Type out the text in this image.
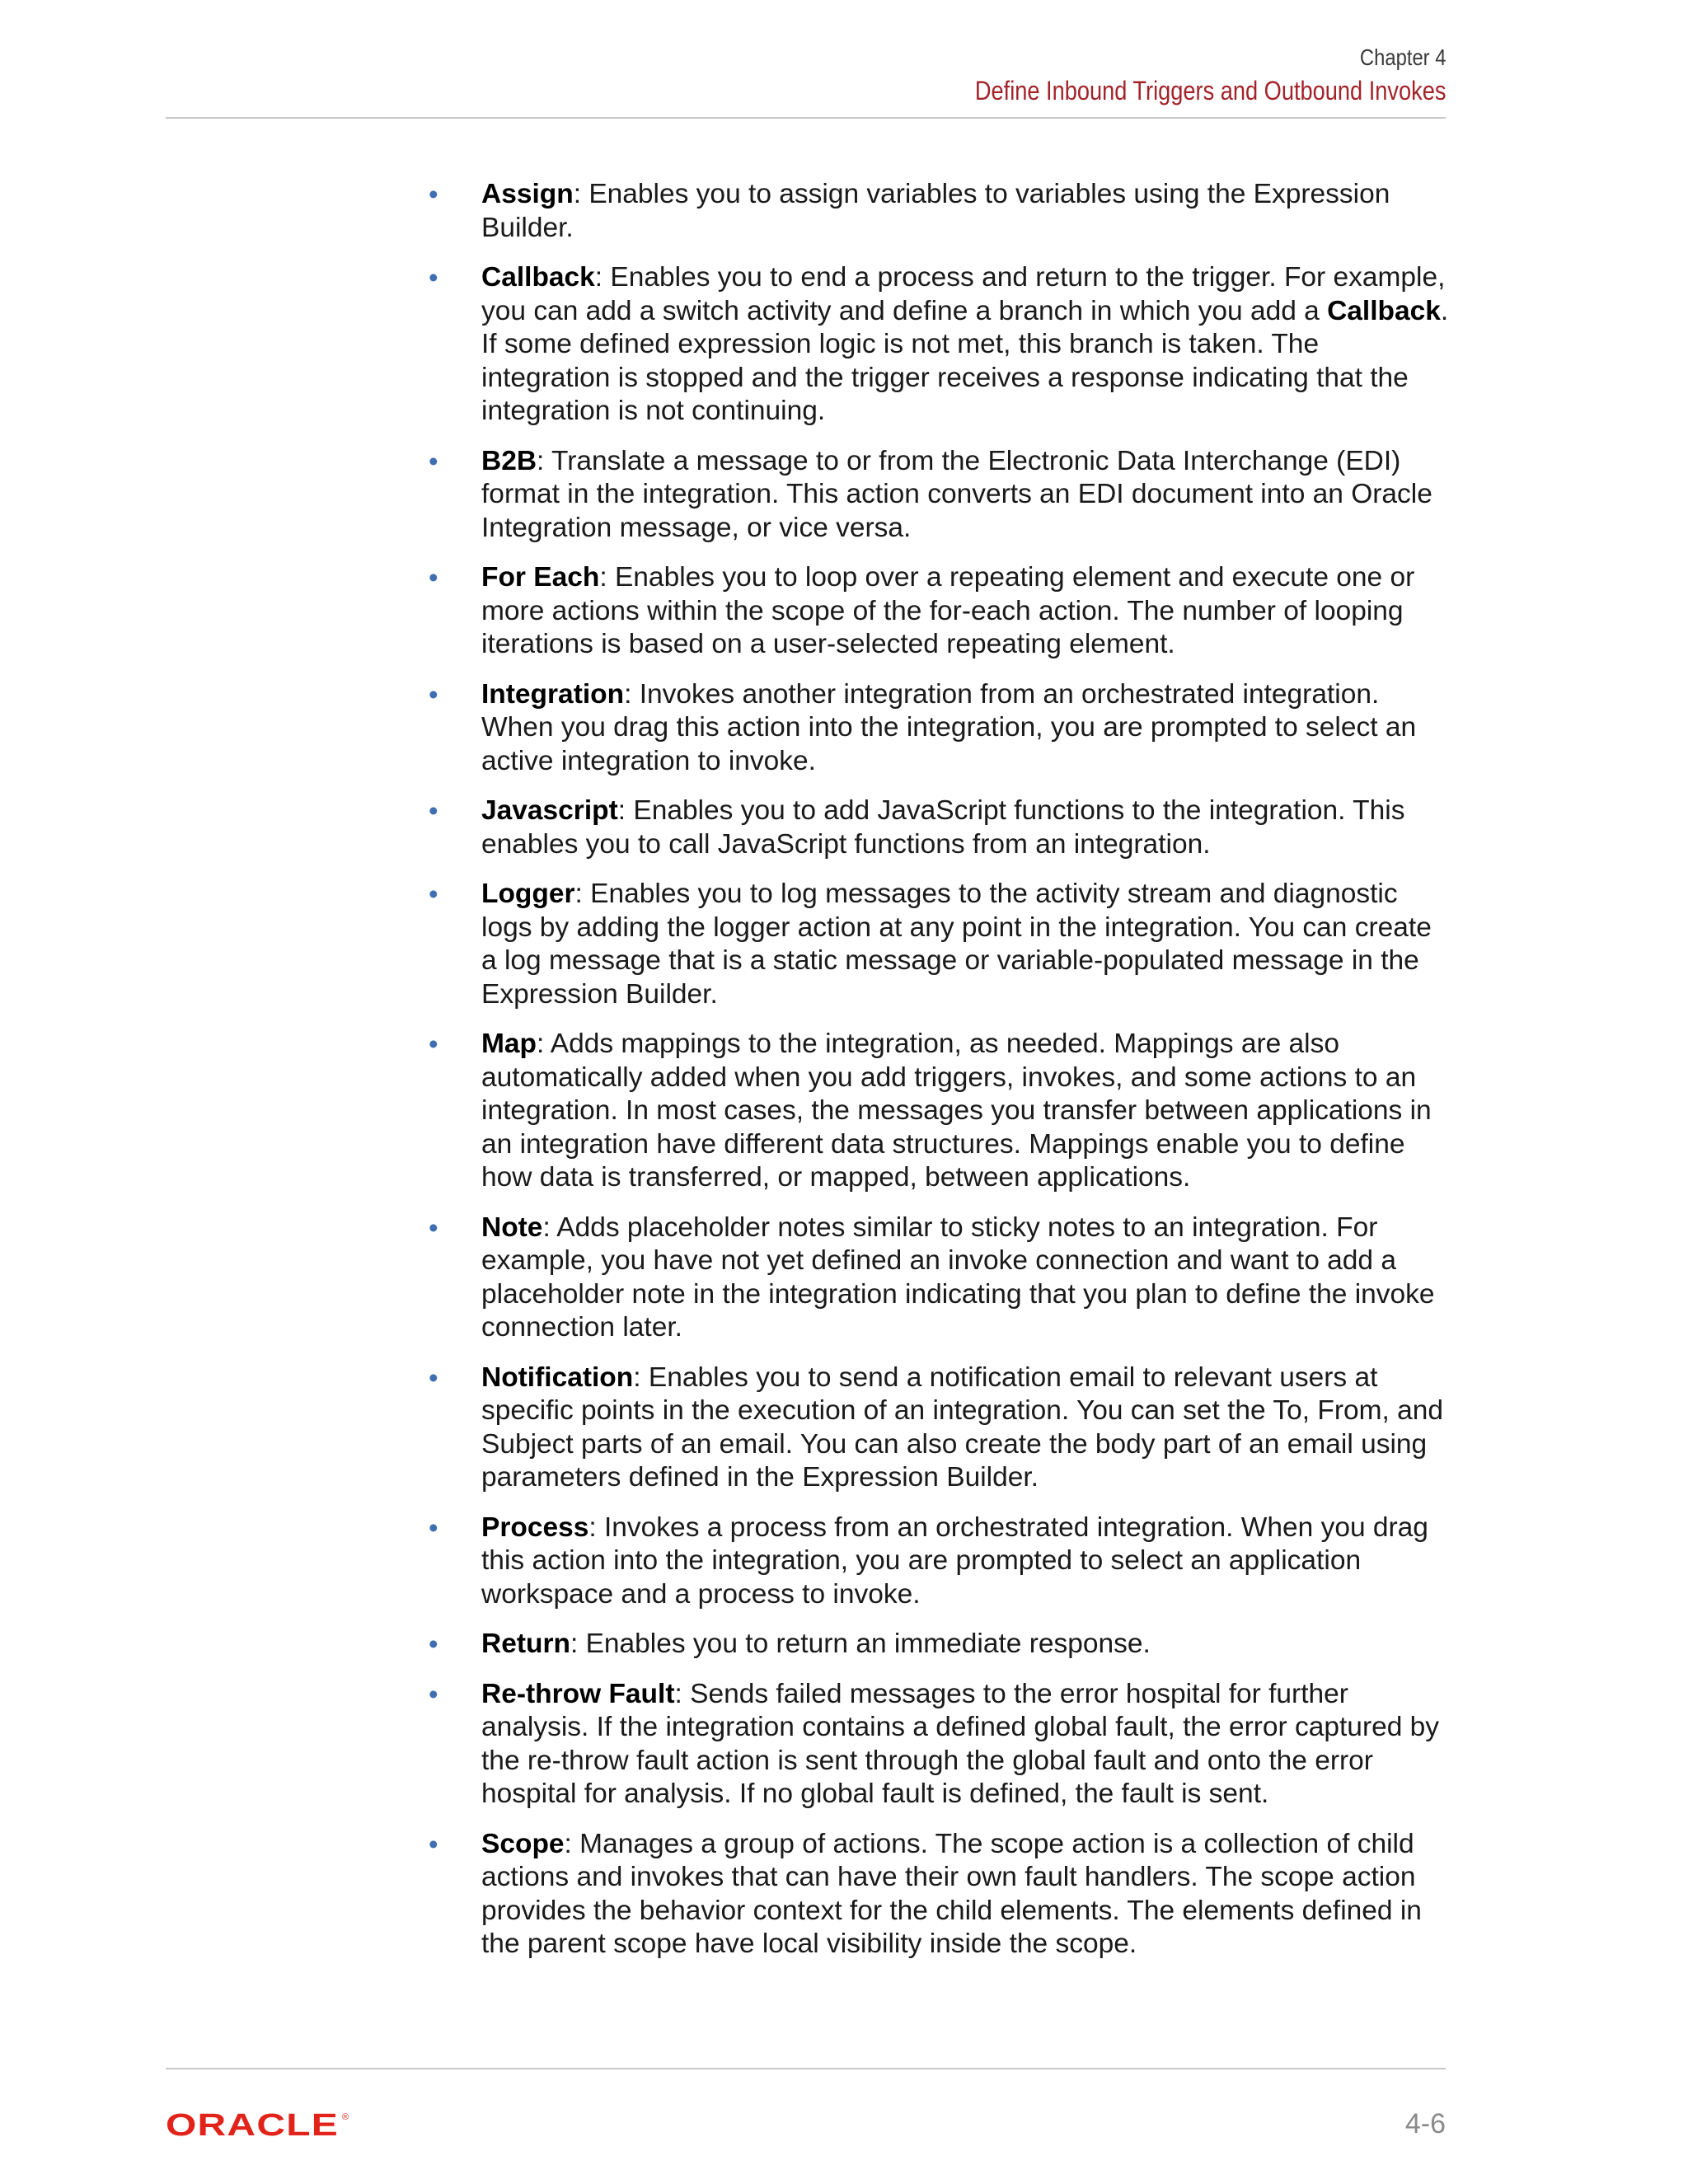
Chapter 4
Define Inbound Triggers and Outbound Invokes
• Assign: Enables you to assign variables to variables using the Expression Builder.
• Callback: Enables you to end a process and return to the trigger. For example, you can add a switch activity and define a branch in which you add a Callback. If some defined expression logic is not met, this branch is taken. The integration is stopped and the trigger receives a response indicating that the integration is not continuing.
• B2B: Translate a message to or from the Electronic Data Interchange (EDI) format in the integration. This action converts an EDI document into an Oracle Integration message, or vice versa.
• For Each: Enables you to loop over a repeating element and execute one or more actions within the scope of the for-each action. The number of looping iterations is based on a user-selected repeating element.
• Integration: Invokes another integration from an orchestrated integration. When you drag this action into the integration, you are prompted to select an active integration to invoke.
• Javascript: Enables you to add JavaScript functions to the integration. This enables you to call JavaScript functions from an integration.
• Logger: Enables you to log messages to the activity stream and diagnostic logs by adding the logger action at any point in the integration. You can create a log message that is a static message or variable-populated message in the Expression Builder.
• Map: Adds mappings to the integration, as needed. Mappings are also automatically added when you add triggers, invokes, and some actions to an integration. In most cases, the messages you transfer between applications in an integration have different data structures. Mappings enable you to define how data is transferred, or mapped, between applications.
• Note: Adds placeholder notes similar to sticky notes to an integration. For example, you have not yet defined an invoke connection and want to add a placeholder note in the integration indicating that you plan to define the invoke connection later.
• Notification: Enables you to send a notification email to relevant users at specific points in the execution of an integration. You can set the To, From, and Subject parts of an email. You can also create the body part of an email using parameters defined in the Expression Builder.
• Process: Invokes a process from an orchestrated integration. When you drag this action into the integration, you are prompted to select an application workspace and a process to invoke.
• Return: Enables you to return an immediate response.
• Re-throw Fault: Sends failed messages to the error hospital for further analysis. If the integration contains a defined global fault, the error captured by the re-throw fault action is sent through the global fault and onto the error hospital for analysis. If no global fault is defined, the fault is sent.
• Scope: Manages a group of actions. The scope action is a collection of child actions and invokes that can have their own fault handlers. The scope action provides the behavior context for the child elements. The elements defined in the parent scope have local visibility inside the scope.
ORACLE ®	4-6
